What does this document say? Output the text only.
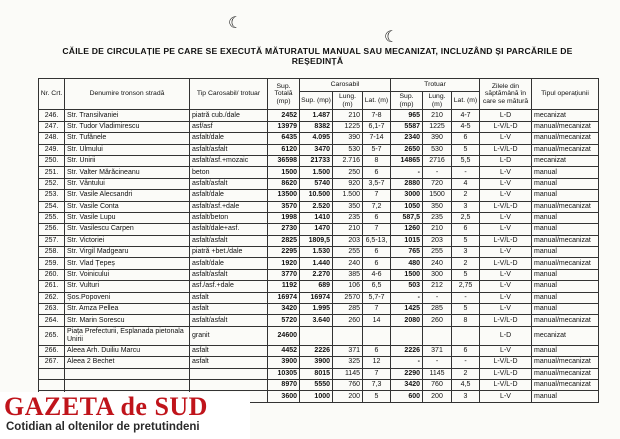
☾
☾
CĂILE DE CIRCULAȚIE PE CARE SE EXECUTĂ MĂTURATUL MANUAL SAU MECANIZAT, INCLUZÂND ȘI PARCĂRILE DE
REȘEDINȚĂ
Nr. Crt.	Denumire tronson stradă	Tip Carosabil/ trotuar	Sup. Totală (mp)	Carosabil			Trotuar			Zilele din săptămână în care se mătură	Tipul operațiunii
				Sup. (mp)	Lung. (m)	Lat. (m)	Sup. (mp)	Lung. (m)	Lat. (m)		
246.	Str. Transilvaniei	piatră cub./dale	2452	1.487	210	7-8	965	210	4-7	L-D	mecanizat
247.	Str. Tudor Vladimirescu	asf/asf	13979	8382	1225	6,1-7	5587	1225	4-5	L-V/L-D	manual/mecanizat
248.	Str. Tufănele	asfalt/dale	6435	4.095	390	7-14	2340	390	6	L-V	manual/mecanizat
249.	Str. Ulmului	asfalt/asfalt	6120	3470	530	5-7	2650	530	5	L-V/L-D	manual/mecanizat
250.	Str. Unirii	asfalt/asf.+mozaic	36598	21733	2.716	8	14865	2716	5,5	L-D	mecanizat
251.	Str. Valter Mărăcineanu	beton	1500	1.500	250	6	-	-	-	L-V	manual
252.	Str. Vântului	asfalt/asfalt	8620	5740	920	3,5-7	2880	720	4	L-V	manual
253.	Str. Vasile Alecsandri	asfalt/dale	13500	10.500	1.500	7	3000	1500	2	L-V	manual
254.	Str. Vasile Conta	asfalt/asf.+dale	3570	2.520	350	7,2	1050	350	3	L-V/L-D	manual/mecanizat
255.	Str. Vasile Lupu	asfalt/beton	1998	1410	235	6	587,5	235	2,5	L-V	manual
256.	Str. Vasilescu Carpen	asfalt/dale+asf.	2730	1470	210	7	1260	210	6	L-V	manual
257.	Str. Victoriei	asfalt/asfalt	2825	1809,5	203	6,5-13,	1015	203	5	L-V/L-D	manual/mecanizat
258.	Str. Virgil Madgearu	piatră +bet./dale	2295	1.530	255	6	765	255	3	L-V	manual
259.	Str. Vlad Țepeș	asfalt/dale	1920	1.440	240	6	480	240	2	L-V/L-D	manual/mecanizat
260.	Str. Voinicului	asfalt/asfalt	3770	2.270	385	4-6	1500	300	5	L-V	manual
261.	Str. Vulturi	asf./asf.+dale	1192	689	106	6,5	503	212	2,75	L-V	manual
262.	Șos.Popoveni	asfalt	16974	16974	2570	5,7-7	-	-	-	L-V	manual
263.	Str. Amza Pellea	asfalt	3420	1.995	285	7	1425	285	5	L-V	manual
264.	Str. Marin Sorescu	asfalt/asfalt	5720	3.640	260	14	2080	260	8	L-V/L-D	manual/mecanizat
265.	Piața Prefecturii, Esplanada pietonala Unirii	granit	24600							L-D	mecanizat
266.	Aleea Arh. Duiliu Marcu	asfalt	4452	2226	371	6	2226	371	6	L-V	manual
267.	Aleea 2 Bechet	asfalt	3900	3900	325	12	-	-	-	L-V/L-D	manual/mecanizat
			10305	8015	1145	7	2290	1145	2	L-V/L-D	manual/mecanizat
			8970	5550	760	7,3	3420	760	4,5	L-V/L-D	manual/mecanizat
			3600	1000	200	5	600	200	3	L-V	manual
GAZETA de SUD
Cotidian al oltenilor de pretutindeni
